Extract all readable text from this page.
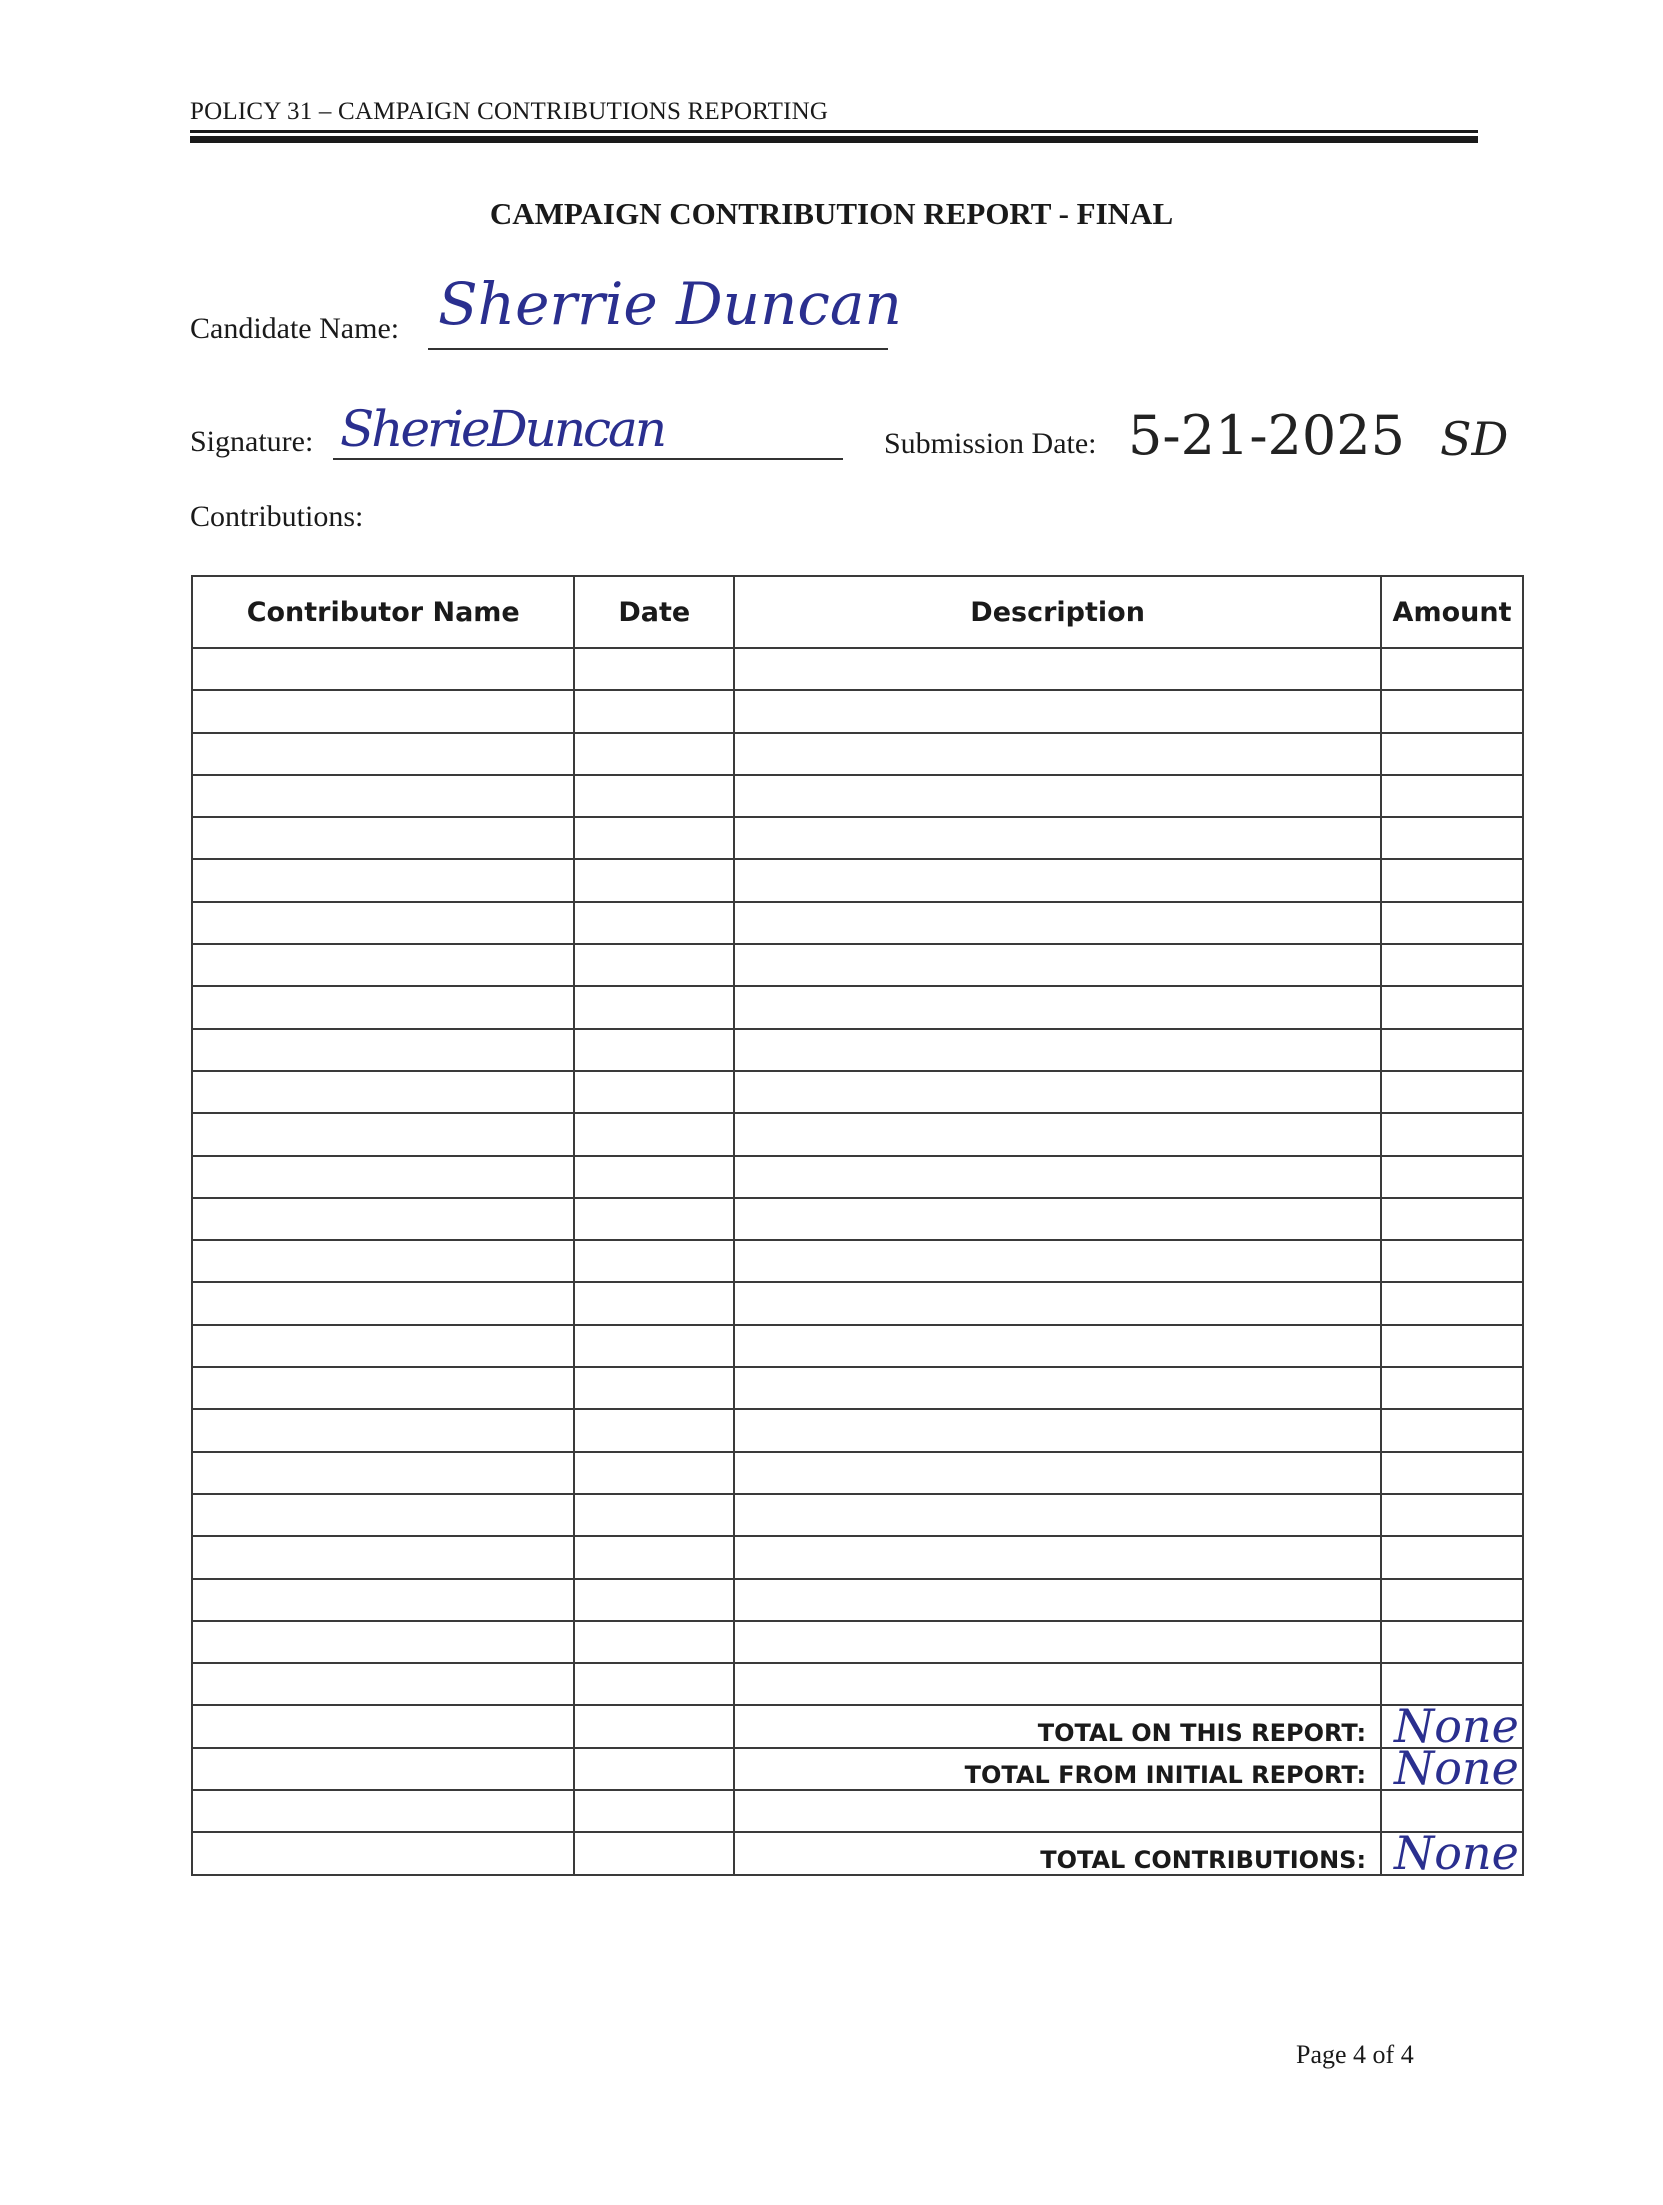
POLICY 31 – CAMPAIGN CONTRIBUTIONS REPORTING
CAMPAIGN CONTRIBUTION REPORT - FINAL
Candidate Name: Sherrie Duncan
Signature: SherieDuncan	Submission Date: 5-21-2025 SD
Contributions:
Contributor Name	Date	Description	Amount

		TOTAL ON THIS REPORT:	None

		TOTAL FROM INITIAL REPORT:	None

		TOTAL CONTRIBUTIONS:	None
Page 4 of 4
